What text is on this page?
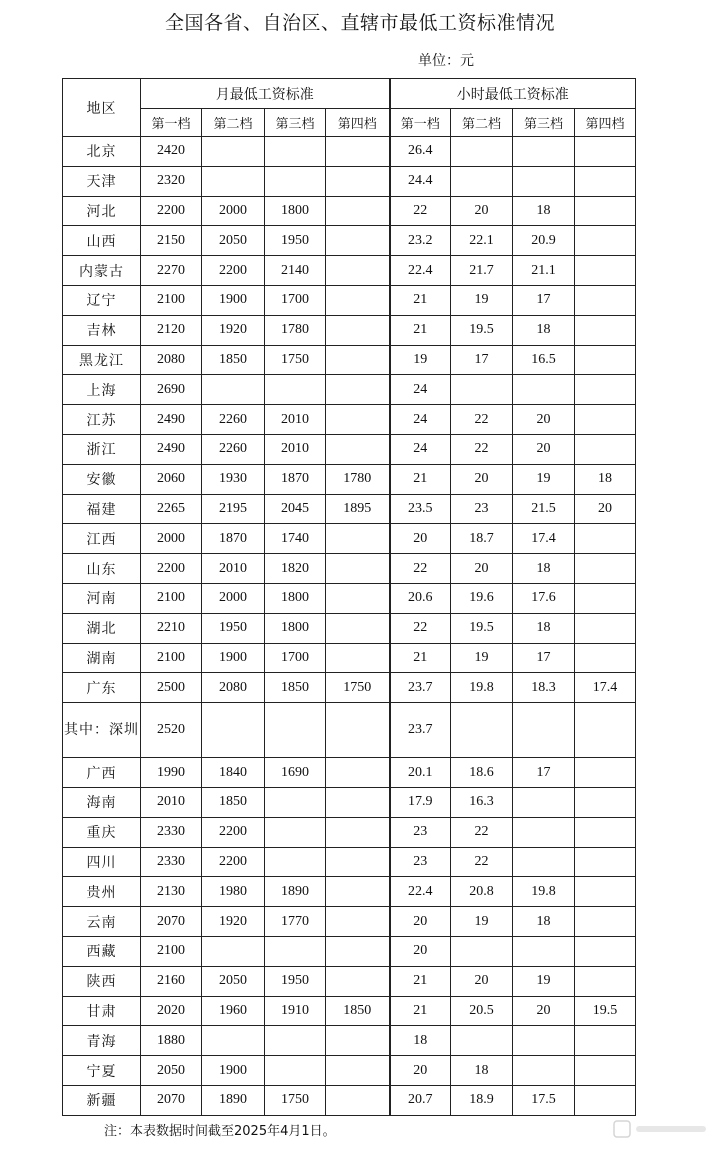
全国各省、自治区、直辖市最低工资标准情况
单位：元
地区	月最低工资标准				小时最低工资标准			
	第一档	第二档	第三档	第四档	第一档	第二档	第三档	第四档
北京	2420				26.4			
天津	2320				24.4			
河北	2200	2000	1800		22	20	18	
山西	2150	2050	1950		23.2	22.1	20.9	
内蒙古	2270	2200	2140		22.4	21.7	21.1	
辽宁	2100	1900	1700		21	19	17	
吉林	2120	1920	1780		21	19.5	18	
黑龙江	2080	1850	1750		19	17	16.5	
上海	2690				24			
江苏	2490	2260	2010		24	22	20	
浙江	2490	2260	2010		24	22	20	
安徽	2060	1930	1870	1780	21	20	19	18
福建	2265	2195	2045	1895	23.5	23	21.5	20
江西	2000	1870	1740		20	18.7	17.4	
山东	2200	2010	1820		22	20	18	
河南	2100	2000	1800		20.6	19.6	17.6	
湖北	2210	1950	1800		22	19.5	18	
湖南	2100	1900	1700		21	19	17	
广东	2500	2080	1850	1750	23.7	19.8	18.3	17.4
其中：深圳	2520				23.7			
广西	1990	1840	1690		20.1	18.6	17	
海南	2010	1850			17.9	16.3		
重庆	2330	2200			23	22		
四川	2330	2200			23	22		
贵州	2130	1980	1890		22.4	20.8	19.8	
云南	2070	1920	1770		20	19	18	
西藏	2100				20			
陕西	2160	2050	1950		21	20	19	
甘肃	2020	1960	1910	1850	21	20.5	20	19.5
青海	1880				18			
宁夏	2050	1900			20	18		
新疆	2070	1890	1750		20.7	18.9	17.5	
注：本表数据时间截至2025年4月1日。
